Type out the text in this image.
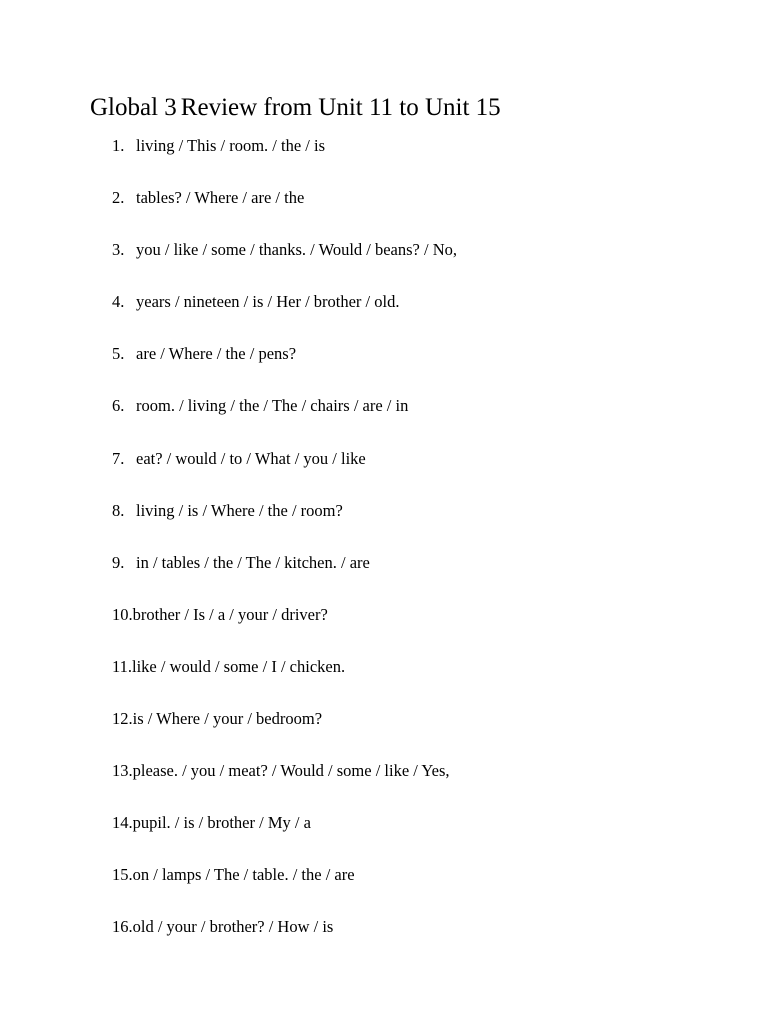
Global 3 Review from Unit 11 to Unit 15
1. living / This / room. / the / is
2. tables? / Where / are / the
3. you / like / some / thanks. / Would / beans? / No,
4. years / nineteen / is / Her / brother / old.
5. are / Where / the / pens?
6. room. / living / the / The / chairs / are / in
7. eat? / would / to / What / you / like
8. living / is / Where / the / room?
9. in / tables / the / The / kitchen. / are
10. brother / Is / a / your / driver?
11. like / would / some / I / chicken.
12. is / Where / your / bedroom?
13. please. / you / meat? / Would / some / like / Yes,
14. pupil. / is / brother / My / a
15. on / lamps / The / table. / the / are
16. old / your / brother? / How / is
